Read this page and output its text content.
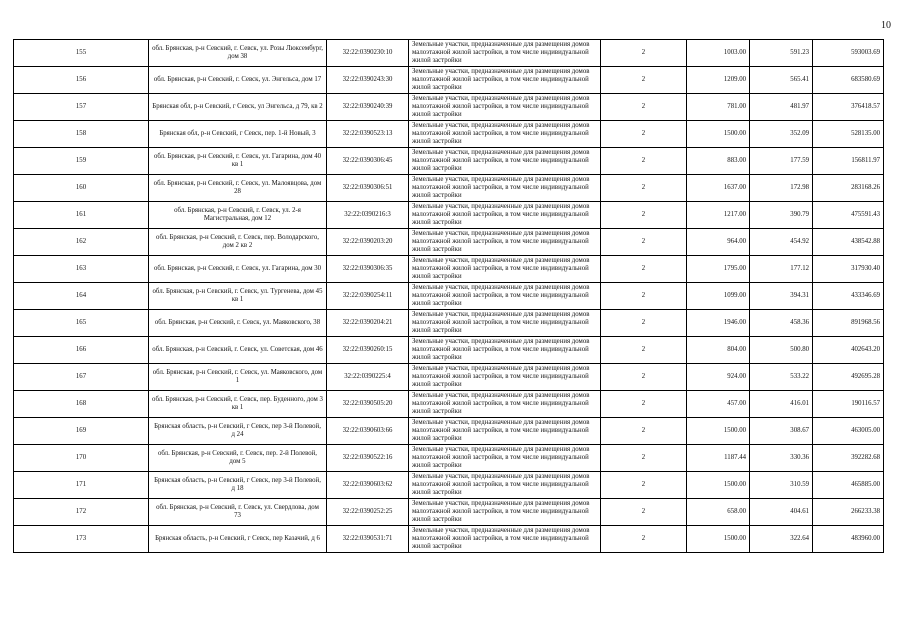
10
155	обл. Брянская, р-н Севский, г. Севск, ул. Розы Люксембург, дом 38	32:22:0390230:10	Земельные участки, предназначенные для размещения домов малоэтажной жилой застройки, в том числе индивидуальной жилой застройки	2	1003.00	591.23	593003.69
156	обл. Брянская, р-н Севский, г. Севск, ул. Энгельса, дом 17	32:22:0390243:30	Земельные участки, предназначенные для размещения домов малоэтажной жилой застройки, в том числе индивидуальной жилой застройки	2	1209.00	565.41	683580.69
157	Брянская обл, р-н Севский, г Севск, ул Энгельса, д 79, кв 2	32:22:0390240:39	Земельные участки, предназначенные для размещения домов малоэтажной жилой застройки, в том числе индивидуальной жилой застройки	2	781.00	481.97	376418.57
158	Брянская обл, р-н Севский, г Севск, пер. 1-й Новый, 3	32:22:0390523:13	Земельные участки, предназначенные для размещения домов малоэтажной жилой застройки, в том числе индивидуальной жилой застройки	2	1500.00	352.09	528135.00
159	обл. Брянская, р-н Севский, г. Севск, ул. Гагарина, дом 40 кв 1	32:22:0390306:45	Земельные участки, предназначенные для размещения домов малоэтажной жилой застройки, в том числе индивидуальной жилой застройки	2	883.00	177.59	156811.97
160	обл. Брянская, р-н Севский, г. Севск, ул. Малоявцова, дом 28	32:22:0390306:51	Земельные участки, предназначенные для размещения домов малоэтажной жилой застройки, в том числе индивидуальной жилой застройки	2	1637.00	172.98	283168.26
161	обл. Брянская, р-н Севский, г. Севск, ул. 2-я Магистральная, дом 12	32:22:0390216:3	Земельные участки, предназначенные для размещения домов малоэтажной жилой застройки, в том числе индивидуальной жилой застройки	2	1217.00	390.79	475591.43
162	обл. Брянская, р-н Севский, г. Севск, пер. Володарского, дом 2 кв 2	32:22:0390203:20	Земельные участки, предназначенные для размещения домов малоэтажной жилой застройки, в том числе индивидуальной жилой застройки	2	964.00	454.92	438542.88
163	обл. Брянская, р-н Севский, г. Севск, ул. Гагарина, дом 30	32:22:0390306:35	Земельные участки, предназначенные для размещения домов малоэтажной жилой застройки, в том числе индивидуальной жилой застройки	2	1795.00	177.12	317930.40
164	обл. Брянская, р-н Севский, г. Севск, ул. Тургенева, дом 45 кв 1	32:22:0390254:11	Земельные участки, предназначенные для размещения домов малоэтажной жилой застройки, в том числе индивидуальной жилой застройки	2	1099.00	394.31	433346.69
165	обл. Брянская, р-н Севский, г. Севск, ул. Маяковского, 38	32:22:0390204:21	Земельные участки, предназначенные для размещения домов малоэтажной жилой застройки, в том числе индивидуальной жилой застройки	2	1946.00	458.36	891968.56
166	обл. Брянская, р-н Севский, г. Севск, ул. Советская, дом 46	32:22:0390260:15	Земельные участки, предназначенные для размещения домов малоэтажной жилой застройки, в том числе индивидуальной жилой застройки	2	804.00	500.80	402643.20
167	обл. Брянская, р-н Севский, г. Севск, ул. Маяковского, дом 1	32:22:0390225:4	Земельные участки, предназначенные для размещения домов малоэтажной жилой застройки, в том числе индивидуальной жилой застройки	2	924.00	533.22	492695.28
168	обл. Брянская, р-н Севский, г. Севск, пер. Буденного, дом 3 кв 1	32:22:0390505:20	Земельные участки, предназначенные для размещения домов малоэтажной жилой застройки, в том числе индивидуальной жилой застройки	2	457.00	416.01	190116.57
169	Брянская область, р-н Севский, г Севск, пер 3-й Полевой, д 24	32:22:0390603:66	Земельные участки, предназначенные для размещения домов малоэтажной жилой застройки, в том числе индивидуальной жилой застройки	2	1500.00	308.67	463005.00
170	обл. Брянская, р-н Севский, г. Севск, пер. 2-й Полевой, дом 5	32:22:0390522:16	Земельные участки, предназначенные для размещения домов малоэтажной жилой застройки, в том числе индивидуальной жилой застройки	2	1187.44	330.36	392282.68
171	Брянская область, р-н Севский, г Севск, пер 3-й Полевой, д 18	32:22:0390603:62	Земельные участки, предназначенные для размещения домов малоэтажной жилой застройки, в том числе индивидуальной жилой застройки	2	1500.00	310.59	465885.00
172	обл. Брянская, р-н Севский, г. Севск, ул. Свердлова, дом 73	32:22:0390252:25	Земельные участки, предназначенные для размещения домов малоэтажной жилой застройки, в том числе индивидуальной жилой застройки	2	658.00	404.61	266233.38
173	Брянская область, р-н Севский, г Севск, пер Казачий, д 6	32:22:0390531:71	Земельные участки, предназначенные для размещения домов малоэтажной жилой застройки, в том числе индивидуальной жилой застройки	2	1500.00	322.64	483960.00
